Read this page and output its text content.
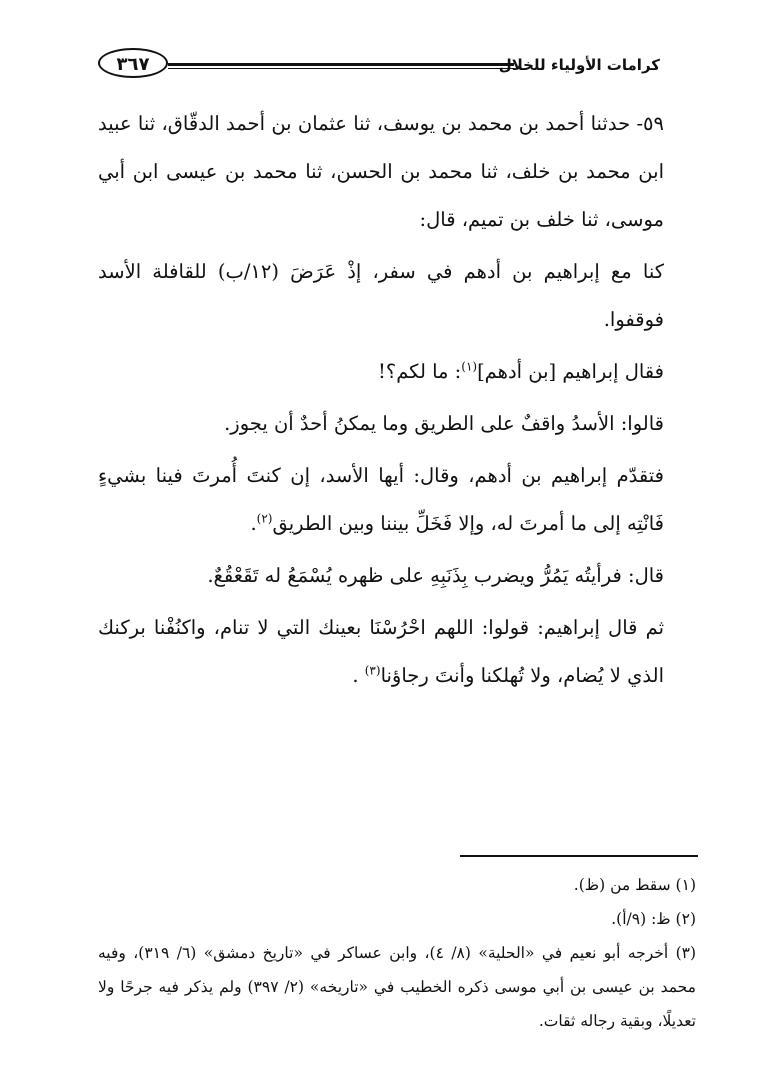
كرامات الأولياء للخلال
٣٦٧

٥٩- حدثنا أحمد بن محمد بن يوسف، ثنا عثمان بن أحمد الدقّاق، ثنا عبيد ابن محمد بن خلف، ثنا محمد بن الحسن، ثنا محمد بن عيسى ابن أبي موسى، ثنا خلف بن تميم، قال:

كنا مع إبراهيم بن أدهم في سفر، إذْ عَرَضَ (١٢/ب) للقافلة الأسد فوقفوا.

فقال إبراهيم [بن أدهم]$^{(١)}$: ما لكم؟!

قالوا: الأسدُ واقفٌ على الطريق وما يمكنُ أحدٌ أن يجوز.

فتقدّم إبراهيم بن أدهم، وقال: أيها الأسد، إن كنتَ أُمرتَ فينا بشيءٍ فَانْتِه إلى ما أمرتَ له، وإلا فَخَلِّ بيننا وبين الطريق$^{(٢)}$.

قال: فرأيتُه يَمُرُّ ويضرب بِذَنَبِهِ على ظهره يُسْمَعُ له تَقَعْقُعٌ.

ثم قال إبراهيم: قولوا: اللهم احْرُسْنَا بعينك التي لا تنام، واكنُفْنا بركنك الذي لا يُضام، ولا تُهلكنا وأنتَ رجاؤنا$^{(٣)}$ .

(١) سقط من (ظ).

(٢) ظ: (٩/أ).

(٣) أخرجه أبو نعيم في «الحلية» (٨/ ٤)، وابن عساكر في «تاريخ دمشق» (٦/ ٣١٩)، وفيه محمد بن عيسى بن أبي موسى ذكره الخطيب في «تاريخه» (٢/ ٣٩٧) ولم يذكر فيه جرحًا ولا تعديلًا، وبقية رجاله ثقات.
